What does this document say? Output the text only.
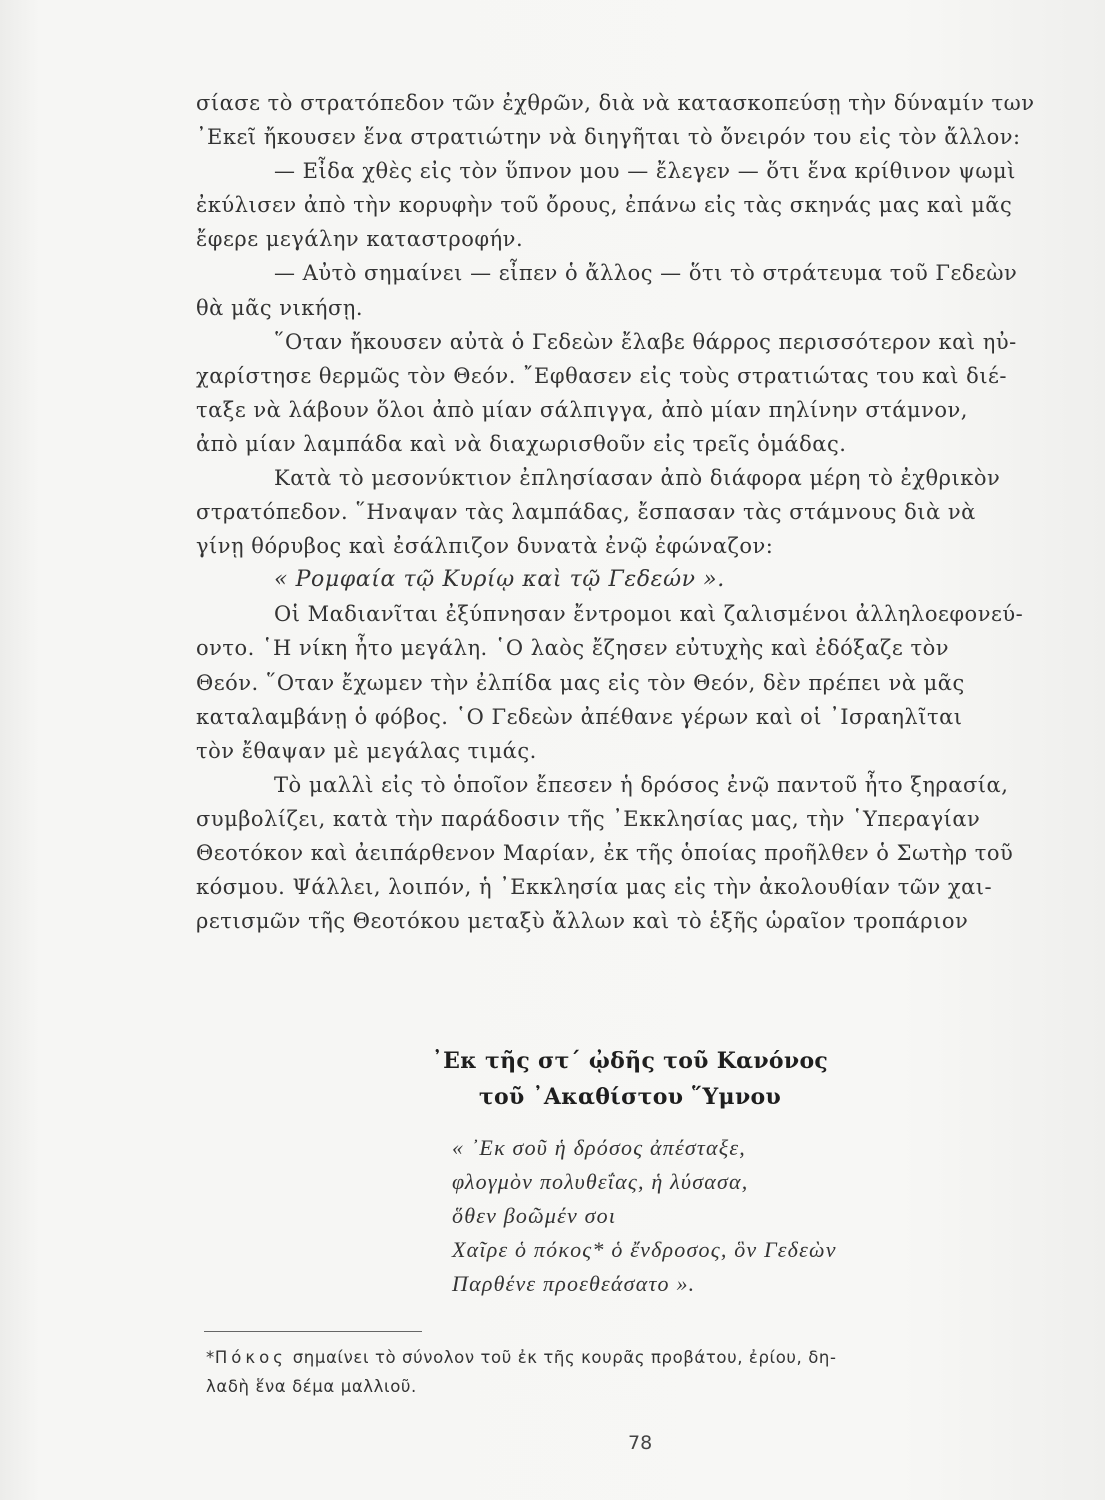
σίασε τὸ στρατόπεδον τῶν ἐχθρῶν, διὰ νὰ κατασκοπεύσῃ τὴν δύναμίν των
᾿Εκεῖ ἤκουσεν ἕνα στρατιώτην νὰ διηγῆται τὸ ὄνειρόν του εἰς τὸν ἄλλον:

— Εἶδα χθὲς εἰς τὸν ὕπνον μου — ἔλεγεν — ὅτι ἕνα κρίθινον ψωμὶ
ἐκύλισεν ἀπὸ τὴν κορυφὴν τοῦ ὄρους, ἐπάνω εἰς τὰς σκηνάς μας καὶ μᾶς
ἔφερε μεγάλην καταστροφήν.

— Αὐτὸ σημαίνει — εἶπεν ὁ ἄλλος — ὅτι τὸ στράτευμα τοῦ Γεδεὼν
θὰ μᾶς νικήσῃ.

῞Οταν ἤκουσεν αὐτὰ ὁ Γεδεὼν ἔλαβε θάρρος περισσότερον καὶ ηὐ-
χαρίστησε θερμῶς τὸν Θεόν. ῎Εφθασεν εἰς τοὺς στρατιώτας του καὶ διέ-
ταξε νὰ λάβουν ὅλοι ἀπὸ μίαν σάλπιγγα, ἀπὸ μίαν πηλίνην στάμνον,
ἀπὸ μίαν λαμπάδα καὶ νὰ διαχωρισθοῦν εἰς τρεῖς ὁμάδας.

Κατὰ τὸ μεσονύκτιον ἐπλησίασαν ἀπὸ διάφορα μέρη τὸ ἐχθρικὸν
στρατόπεδον. ῞Ηναψαν τὰς λαμπάδας, ἔσπασαν τὰς στάμνους διὰ νὰ
γίνῃ θόρυβος καὶ ἐσάλπιζον δυνατὰ ἐνῷ ἐφώναζον:

« Ρομφαία τῷ Κυρίῳ καὶ τῷ Γεδεών ».

Οἱ Μαδιανῖται ἐξύπνησαν ἔντρομοι καὶ ζαλισμένοι ἀλληλοεφονεύ-
οντο. ῾Η νίκη ἦτο μεγάλη. ῾Ο λαὸς ἔζησεν εὐτυχὴς καὶ ἐδόξαζε τὸν
Θεόν. ῞Οταν ἔχωμεν τὴν ἐλπίδα μας εἰς τὸν Θεόν, δὲν πρέπει νὰ μᾶς
καταλαμβάνῃ ὁ φόβος. ῾Ο Γεδεὼν ἀπέθανε γέρων καὶ οἱ ᾿Ισραηλῖται
τὸν ἔθαψαν μὲ μεγάλας τιμάς.

Τὸ μαλλὶ εἰς τὸ ὁποῖον ἔπεσεν ἡ δρόσος ἐνῷ παντοῦ ἦτο ξηρασία,
συμβολίζει, κατὰ τὴν παράδοσιν τῆς ᾿Εκκλησίας μας, τὴν ῾Υπεραγίαν
Θεοτόκον καὶ ἀειπάρθενον Μαρίαν, ἐκ τῆς ὁποίας προῆλθεν ὁ Σωτὴρ τοῦ
κόσμου. Ψάλλει, λοιπόν, ἡ ᾿Εκκλησία μας εἰς τὴν ἀκολουθίαν τῶν χαι-
ρετισμῶν τῆς Θεοτόκου μεταξὺ ἄλλων καὶ τὸ ἑξῆς ὡραῖον τροπάριον

᾿Εκ τῆς στ΄ ᾠδῆς τοῦ Κανόνος
τοῦ ᾿Ακαθίστου ῞Υμνου
« ᾿Εκ σοῦ ἡ δρόσος ἀπέσταξε,
φλογμὸν πολυθεΐας, ἡ λύσασα,
ὅθεν βοῶμέν σοι
Χαῖρε ὁ πόκος* ὁ ἔνδροσος, ὃν Γεδεὼν
Παρθένε προεθεάσατο ».
*Πόκος σημαίνει τὸ σύνολον τοῦ ἐκ τῆς κουρᾶς προβάτου, ἐρίου, δη-
λαδὴ ἕνα δέμα μαλλιοῦ.
78
